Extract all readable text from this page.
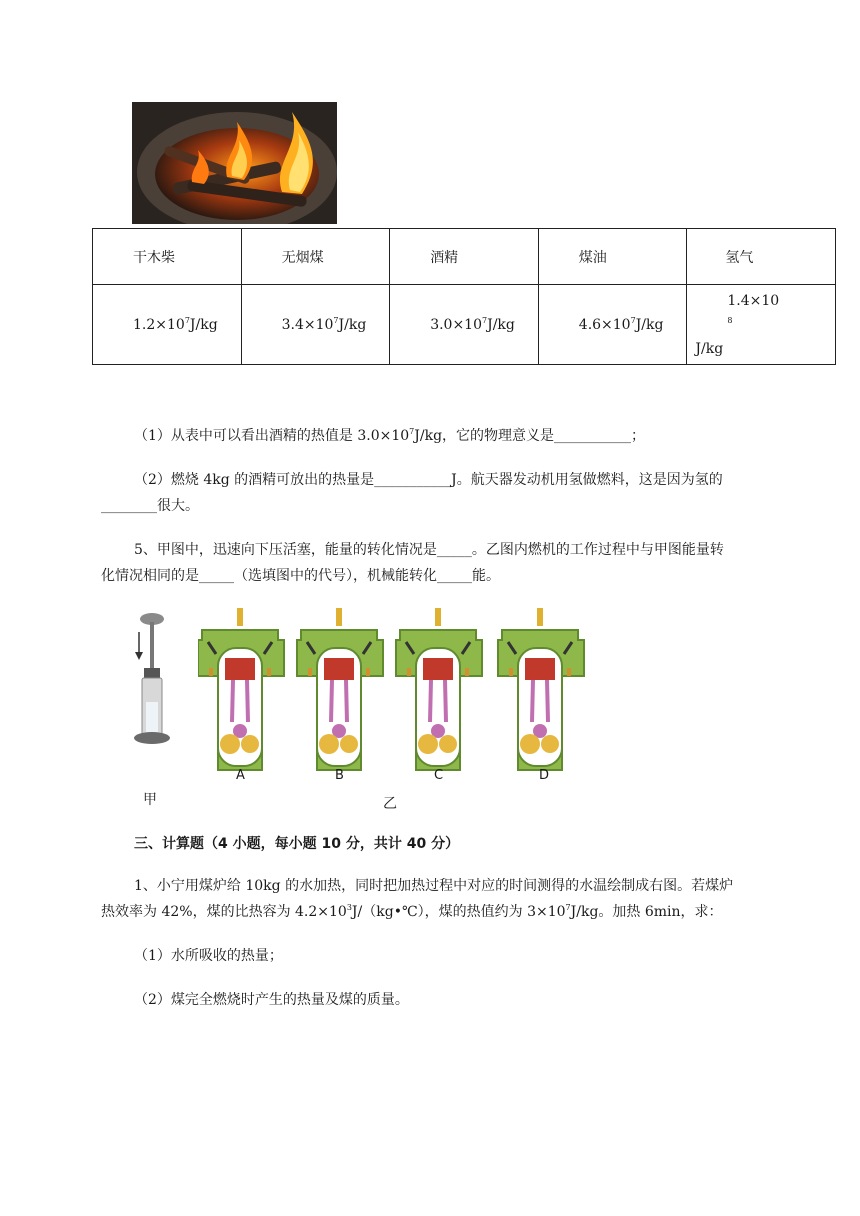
干木柴	无烟煤	酒精	煤油	氢气
$1.2\times 10^7J/kg$	$3.4\times 10^7J/kg$	$3.0\times 10^7J/kg$	$4.6\times 10^7J/kg$	1.4×10
$^8$
J/kg
（1）从表中可以看出酒精的热值是 $3.0\times 10^7J/kg$，它的物理意义是___________；
（2）燃烧 4kg 的酒精可放出的热量是___________J。航天器发动机用氢做燃料，这是因为氢的
________很大。
5、甲图中，迅速向下压活塞，能量的转化情况是_____。乙图内燃机的工作过程中与甲图能量转
化情况相同的是_____（选填图中的代号），机械能转化_____能。
A	B	C	D
甲	乙
三、计算题（4 小题，每小题 10 分，共计 40 分）
1、小宁用煤炉给 10kg 的水加热，同时把加热过程中对应的时间测得的水温绘制成右图。若煤炉
热效率为 42%，煤的比热容为 $4.2\times 10^3J/(kg•℃)$，煤的热值约为 $3\times 10^7J/kg$。加热 6min，求：
（1）水所吸收的热量；
（2）煤完全燃烧时产生的热量及煤的质量。
